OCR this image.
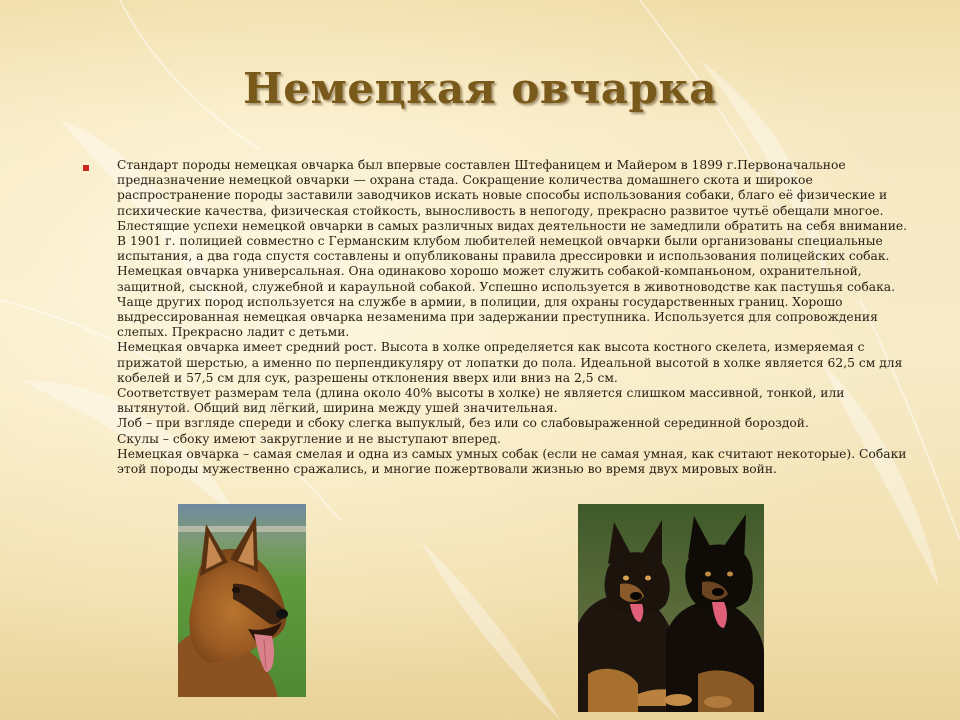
Немецкая овчарка

Стандарт породы немецкая овчарка был впервые составлен Штефаницем и Майером в 1899 г.Первоначальное предназначение немецкой овчарки — охрана стада. Сокращение количества домашнего скота и широкое распространение породы заставили заводчиков искать новые способы использования собаки, благо её физические и психические качества, физическая стойкость, выносливость в непогоду, прекрасно развитое чутьё обещали многое. Блестящие успехи немецкой овчарки в самых различных видах деятельности не замедлили обратить на себя внимание. В 1901 г. полицией совместно с Германским клубом любителей немецкой овчарки были организованы специальные испытания, а два года спустя составлены и опубликованы правила дрессировки и использования полицейских собак.

Немецкая овчарка универсальная. Она одинаково хорошо может служить собакой-компаньоном, охранительной, защитной, сыскной, служебной и караульной собакой. Успешно используется в животноводстве как пастушья собака. Чаще других пород используется на службе в армии, в полиции, для охраны государственных границ. Хорошо выдрессированная немецкая овчарка незаменима при задержании преступника. Используется для сопровождения слепых. Прекрасно ладит с детьми.

Немецкая овчарка имеет средний рост. Высота в холке определяется как высота костного скелета, измеряемая с прижатой шерстью, а именно по перпендикуляру от лопатки до пола. Идеальной высотой в холке является 62,5 см для кобелей и 57,5 см для сук, разрешены отклонения вверх или вниз на 2,5 см.

Соответствует размерам тела (длина около 40% высоты в холке) не является слишком массивной, тонкой, или вытянутой. Общий вид лёгкий, ширина между ушей значительная.

Лоб – при взгляде спереди и сбоку слегка выпуклый, без или со слабовыраженной серединной бороздой.

Скулы – сбоку имеют закругление и не выступают вперед.

Немецкая овчарка – самая смелая и одна из самых умных собак (если не самая умная, как считают некоторые). Собаки этой породы мужественно сражались, и многие пожертвовали жизнью во время двух мировых войн.
